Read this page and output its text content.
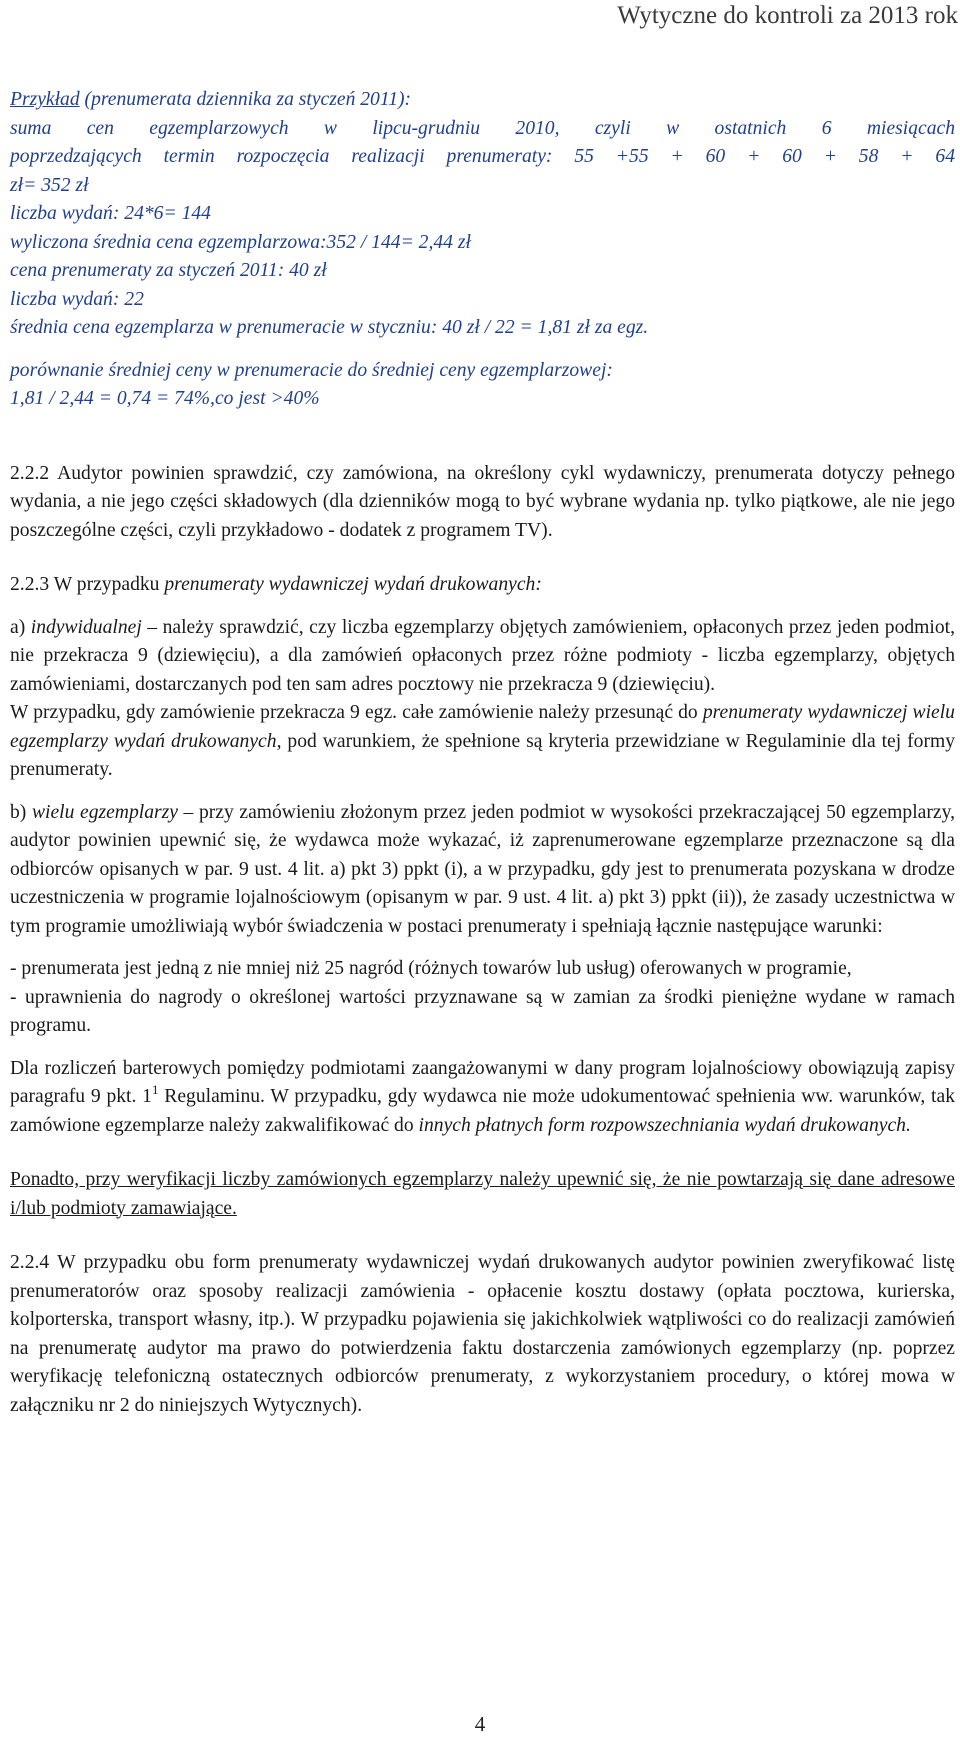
Wytyczne do kontroli za 2013 rok
Przykład (prenumerata dziennika za styczeń 2011):
suma cen egzemplarzowych w lipcu-grudniu 2010, czyli w ostatnich 6 miesiącach
poprzedzających termin rozpoczęcia realizacji prenumeraty: 55 +55 + 60 + 60 + 58 + 64
zł= 352 zł
liczba wydań: 24*6= 144
wyliczona średnia cena egzemplarzowa:352 / 144= 2,44 zł
cena prenumeraty za styczeń 2011: 40 zł
liczba wydań: 22
średnia cena egzemplarza w prenumeracie w styczniu: 40 zł / 22 = 1,81 zł za egz.
porównanie średniej ceny w prenumeracie do średniej ceny egzemplarzowej:
1,81 / 2,44 = 0,74 = 74%,co jest >40%

2.2.2 Audytor powinien sprawdzić, czy zamówiona, na określony cykl wydawniczy, prenumerata dotyczy pełnego wydania, a nie jego części składowych (dla dzienników mogą to być wybrane wydania np. tylko piątkowe, ale nie jego poszczególne części, czyli przykładowo - dodatek z programem TV).

2.2.3 W przypadku prenumeraty wydawniczej wydań drukowanych:

a) indywidualnej – należy sprawdzić, czy liczba egzemplarzy objętych zamówieniem, opłaconych przez jeden podmiot, nie przekracza 9 (dziewięciu), a dla zamówień opłaconych przez różne podmioty - liczba egzemplarzy, objętych zamówieniami, dostarczanych pod ten sam adres pocztowy nie przekracza 9 (dziewięciu).

W przypadku, gdy zamówienie przekracza 9 egz. całe zamówienie należy przesunąć do prenumeraty wydawniczej wielu egzemplarzy wydań drukowanych, pod warunkiem, że spełnione są kryteria przewidziane w Regulaminie dla tej formy prenumeraty.

b) wielu egzemplarzy – przy zamówieniu złożonym przez jeden podmiot w wysokości przekraczającej 50 egzemplarzy, audytor powinien upewnić się, że wydawca może wykazać, iż zaprenumerowane egzemplarze przeznaczone są dla odbiorców opisanych w par. 9 ust. 4 lit. a) pkt 3) ppkt (i), a w przypadku, gdy jest to prenumerata pozyskana w drodze uczestniczenia w programie lojalnościowym (opisanym w par. 9 ust. 4 lit. a) pkt 3) ppkt (ii)), że zasady uczestnictwa w tym programie umożliwiają wybór świadczenia w postaci prenumeraty i spełniają łącznie następujące warunki:

- prenumerata jest jedną z nie mniej niż 25 nagród (różnych towarów lub usług) oferowanych w programie,

- uprawnienia do nagrody o określonej wartości przyznawane są w zamian za środki pieniężne wydane w ramach programu.

Dla rozliczeń barterowych pomiędzy podmiotami zaangażowanymi w dany program lojalnościowy obowiązują zapisy paragrafu 9 pkt. $1^1$ Regulaminu. W przypadku, gdy wydawca nie może udokumentować spełnienia ww. warunków, tak zamówione egzemplarze należy zakwalifikować do innych płatnych form rozpowszechniania wydań drukowanych.

Ponadto, przy weryfikacji liczby zamówionych egzemplarzy należy upewnić się, że nie powtarzają się dane adresowe i/lub podmioty zamawiające.

2.2.4 W przypadku obu form prenumeraty wydawniczej wydań drukowanych audytor powinien zweryfikować listę prenumeratorów oraz sposoby realizacji zamówienia - opłacenie kosztu dostawy (opłata pocztowa, kurierska, kolporterska, transport własny, itp.). W przypadku pojawienia się jakichkolwiek wątpliwości co do realizacji zamówień na prenumeratę audytor ma prawo do potwierdzenia faktu dostarczenia zamówionych egzemplarzy (np. poprzez weryfikację telefoniczną ostatecznych odbiorców prenumeraty, z wykorzystaniem procedury, o której mowa w załączniku nr 2 do niniejszych Wytycznych).

4
